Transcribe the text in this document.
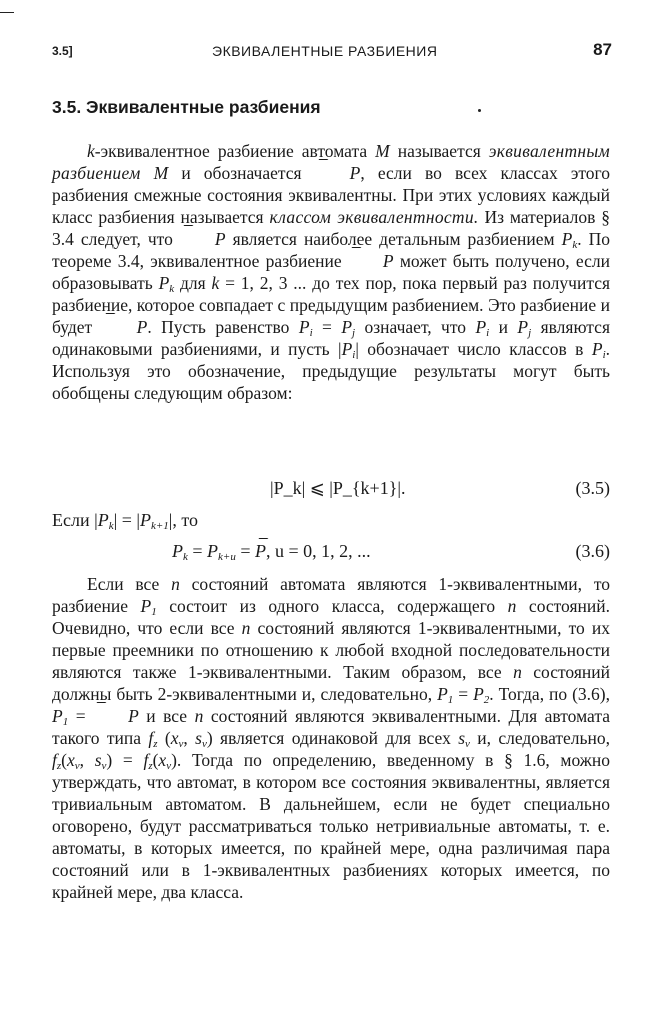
3.5]	ЭКВИВАЛЕНТНЫЕ РАЗБИЕНИЯ	87
3.5. Эквивалентные разбиения
k-эквивалентное разбиение автомата M называется эквивалентным разбиением M и обозначается P, если во всех классах этого разбиения смежные состояния эквивалентны. При этих условиях каждый класс разбиения называется классом эквивалентности. Из материалов § 3.4 следует, что P является наиболее детальным разбиением $P_k$. По теореме 3.4, эквивалентное разбиение P может быть получено, если образовывать $P_k$ для k = 1, 2, 3 ... до тех пор, пока первый раз получится разбиение, которое совпадает с предыдущим разбиением. Это разбиение и будет P. Пусть равенство $P_i = P_j$ означает, что $P_i$ и $P_j$ являются одинаковыми разбиениями, и пусть $|P_i|$ обозначает число классов в $P_i$. Используя это обозначение, предыдущие результаты могут быть обобщены следующим образом:
|P_k| ⩽ |P_{k+1}|.	(3.5)
Если $|P_k| = |P_{k+1}|$, то
$P_k = P_{k+u} = P$, u = 0, 1, 2, ...	(3.6)
Если все n состояний автомата являются 1-эквивалентными, то разбиение $P_1$ состоит из одного класса, содержащего n состояний. Очевидно, что если все n состояний являются 1-эквивалентными, то их первые преемники по отношению к любой входной последовательности являются также 1-эквивалентными. Таким образом, все n состояний должны быть 2-эквивалентными и, следовательно, $P_1 = P_2$. Тогда, по (3.6), $P_1 = P$ и все n состояний являются эквивалентными. Для автомата такого типа $f_z$ ($x_v$, $s_v$) является одинаковой для всех $s_v$ и, следовательно, $f_z(x_v$, $s_v) = f_z(x_v)$. Тогда по определению, введенному в § 1.6, можно утверждать, что автомат, в котором все состояния эквивалентны, является тривиальным автоматом. В дальнейшем, если не будет специально оговорено, будут рассматриваться только нетривиальные автоматы, т. е. автоматы, в которых имеется, по крайней мере, одна различимая пара состояний или в 1-эквивалентных разбиениях которых имеется, по крайней мере, два класса.
